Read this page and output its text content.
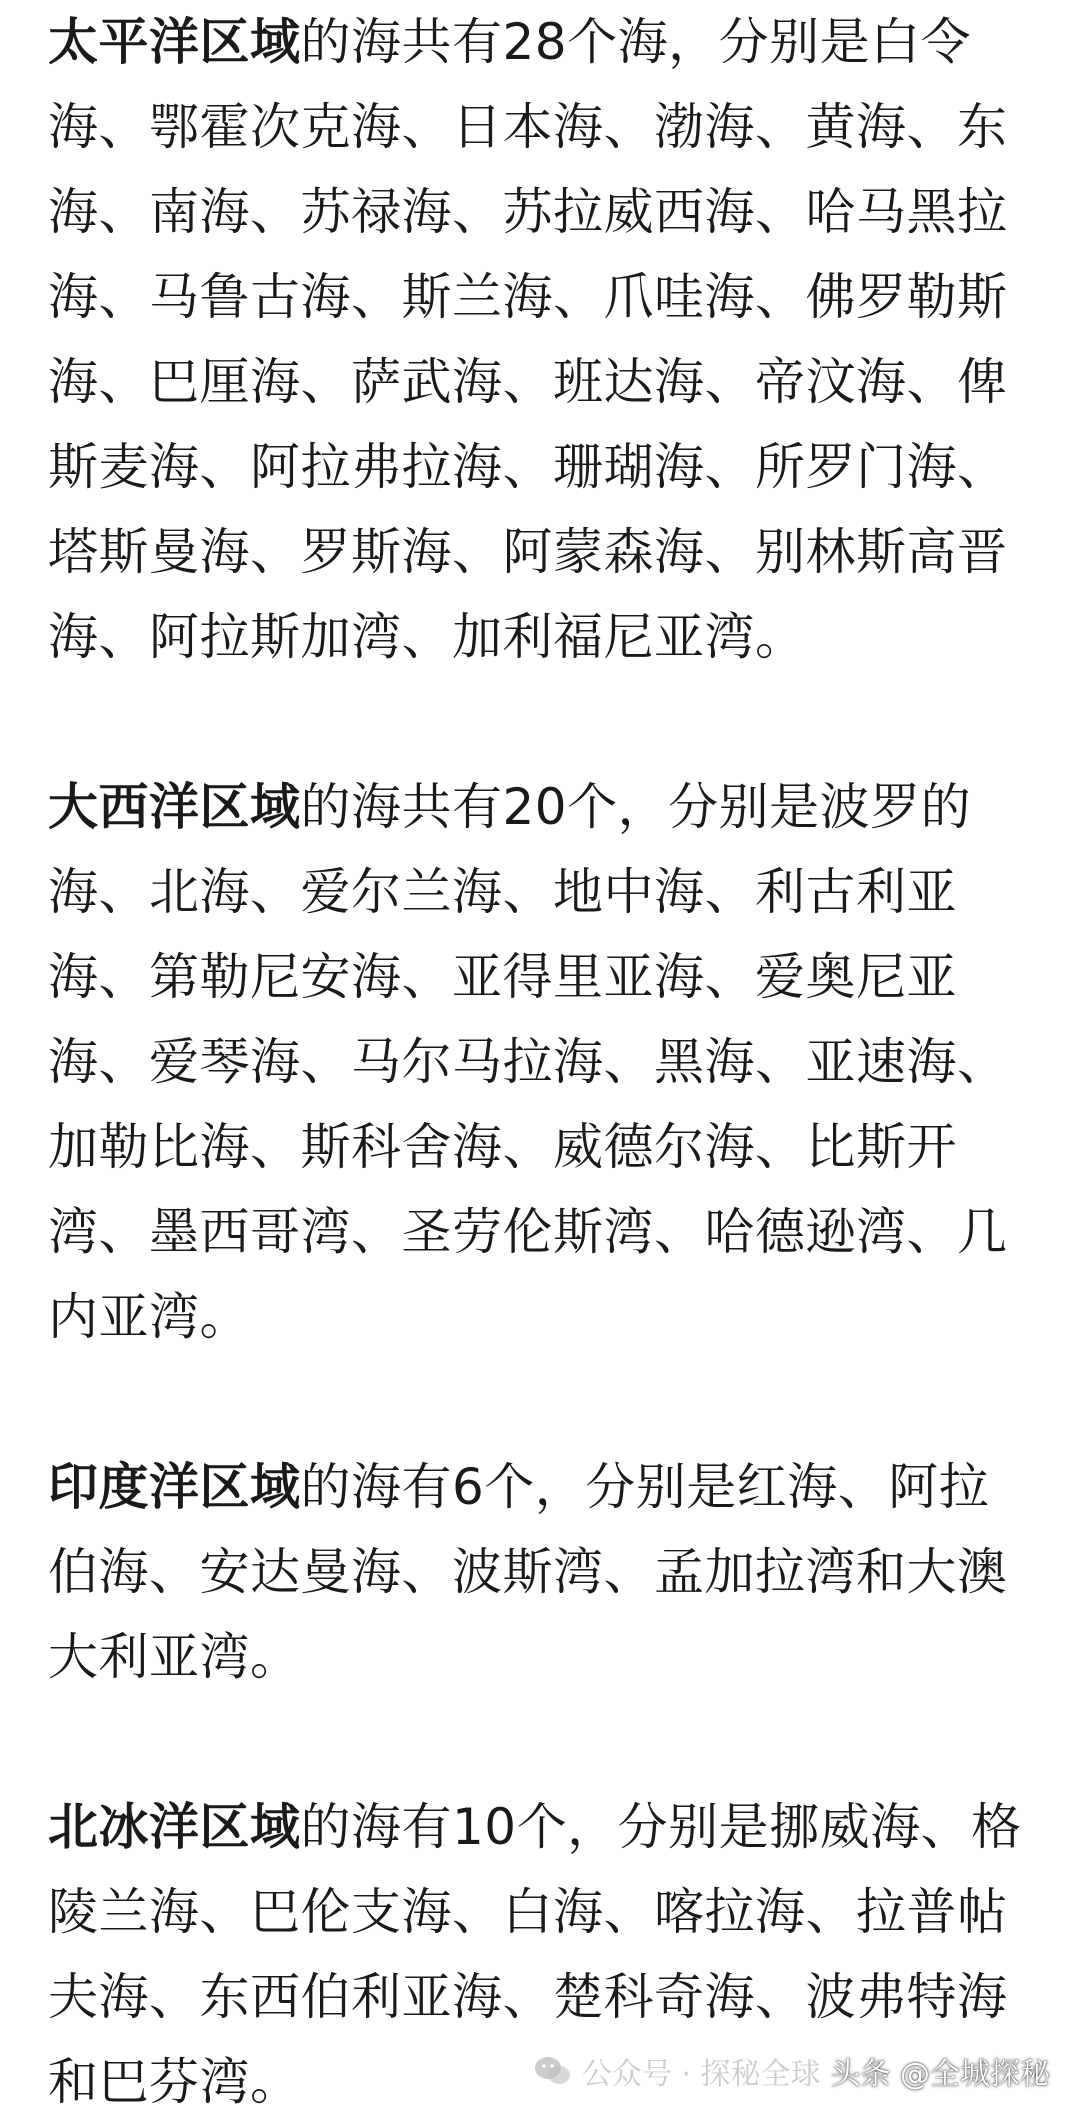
太平洋区域的海共有28个海，分别是白令海、鄂霍次克海、日本海、渤海、黄海、东海、南海、苏禄海、苏拉威西海、哈马黑拉海、马鲁古海、斯兰海、爪哇海、佛罗勒斯海、巴厘海、萨武海、班达海、帝汶海、俾斯麦海、阿拉弗拉海、珊瑚海、所罗门海、塔斯曼海、罗斯海、阿蒙森海、别林斯高晋海、阿拉斯加湾、加利福尼亚湾。

大西洋区域的海共有20个，分别是波罗的海、北海、爱尔兰海、地中海、利古利亚海、第勒尼安海、亚得里亚海、爱奥尼亚海、爱琴海、马尔马拉海、黑海、亚速海、加勒比海、斯科舍海、威德尔海、比斯开湾、墨西哥湾、圣劳伦斯湾、哈德逊湾、几内亚湾。

印度洋区域的海有6个，分别是红海、阿拉伯海、安达曼海、波斯湾、孟加拉湾和大澳大利亚湾。

北冰洋区域的海有10个，分别是挪威海、格陵兰海、巴伦支海、白海、喀拉海、拉普帖夫海、东西伯利亚海、楚科奇海、波弗特海和巴芬湾。	公众号 · 探秘全球 头条 @全城探秘
